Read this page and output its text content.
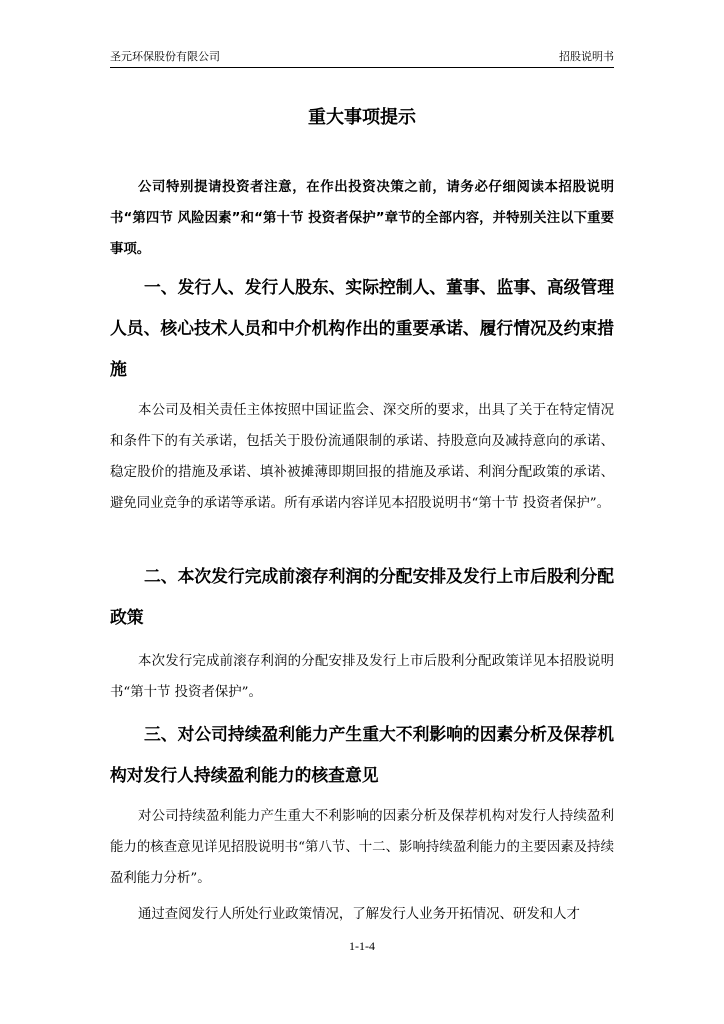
圣元环保股份有限公司	招股说明书
重大事项提示
公司特别提请投资者注意，在作出投资决策之前，请务必仔细阅读本招股说明书“第四节 风险因素”和“第十节 投资者保护”章节的全部内容，并特别关注以下重要事项。
一、发行人、发行人股东、实际控制人、董事、监事、高级管理人员、核心技术人员和中介机构作出的重要承诺、履行情况及约束措施
本公司及相关责任主体按照中国证监会、深交所的要求，出具了关于在特定情况和条件下的有关承诺，包括关于股份流通限制的承诺、持股意向及减持意向的承诺、稳定股价的措施及承诺、填补被摊薄即期回报的措施及承诺、利润分配政策的承诺、避免同业竞争的承诺等承诺。所有承诺内容详见本招股说明书“第十节 投资者保护”。
二、本次发行完成前滚存利润的分配安排及发行上市后股利分配政策
本次发行完成前滚存利润的分配安排及发行上市后股利分配政策详见本招股说明书“第十节 投资者保护”。
三、对公司持续盈利能力产生重大不利影响的因素分析及保荐机构对发行人持续盈利能力的核查意见
对公司持续盈利能力产生重大不利影响的因素分析及保荐机构对发行人持续盈利能力的核查意见详见招股说明书“第八节、十二、影响持续盈利能力的主要因素及持续盈利能力分析”。
通过查阅发行人所处行业政策情况，了解发行人业务开拓情况、研发和人才
1-1-4
